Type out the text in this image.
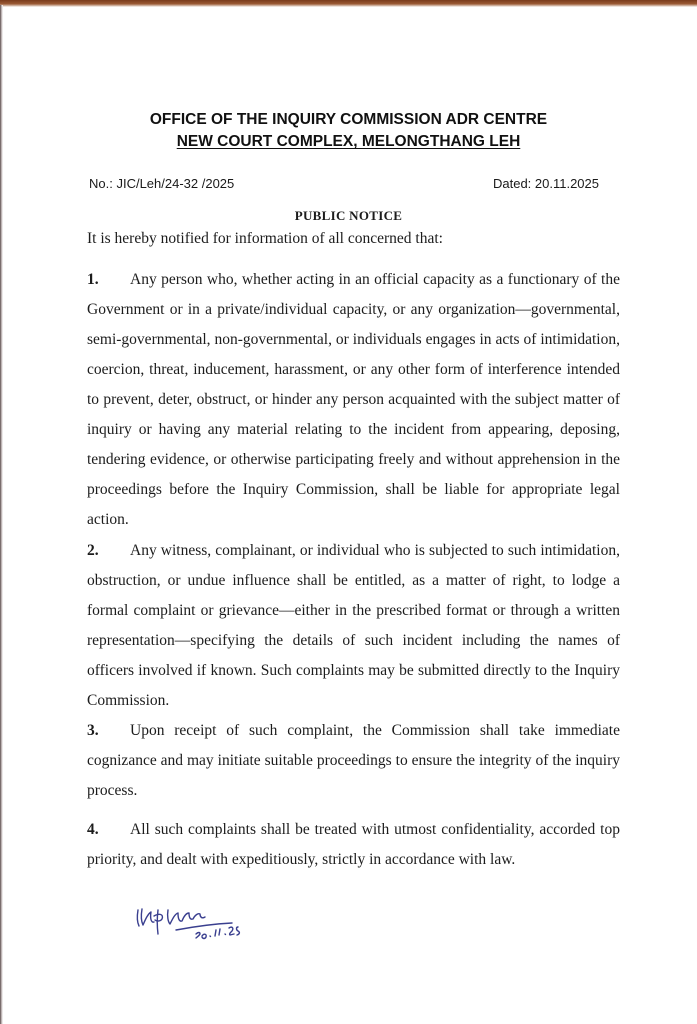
OFFICE OF THE INQUIRY COMMISSION ADR CENTRE
NEW COURT COMPLEX, MELONGTHANG LEH
No.: JIC/Leh/24-32 /2025	Dated: 20.11.2025
PUBLIC NOTICE
It is hereby notified for information of all concerned that:
1. Any person who, whether acting in an official capacity as a functionary of the Government or in a private/individual capacity, or any organization—governmental, semi-governmental, non-governmental, or individuals engages in acts of intimidation, coercion, threat, inducement, harassment, or any other form of interference intended to prevent, deter, obstruct, or hinder any person acquainted with the subject matter of inquiry or having any material relating to the incident from appearing, deposing, tendering evidence, or otherwise participating freely and without apprehension in the proceedings before the Inquiry Commission, shall be liable for appropriate legal action.
2. Any witness, complainant, or individual who is subjected to such intimidation, obstruction, or undue influence shall be entitled, as a matter of right, to lodge a formal complaint or grievance—either in the prescribed format or through a written representation—specifying the details of such incident including the names of officers involved if known. Such complaints may be submitted directly to the Inquiry Commission.
3. Upon receipt of such complaint, the Commission shall take immediate cognizance and may initiate suitable proceedings to ensure the integrity of the inquiry process.
4. All such complaints shall be treated with utmost confidentiality, accorded top priority, and dealt with expeditiously, strictly in accordance with law.
